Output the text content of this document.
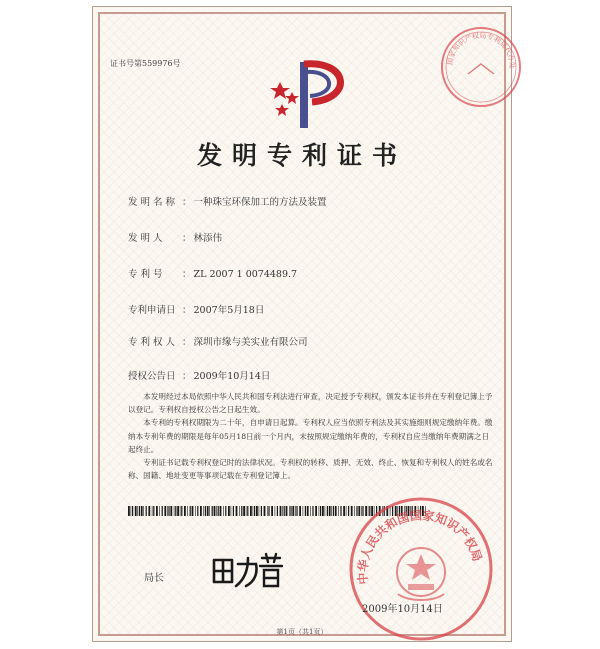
证书号第559976号	国家知识产权局专利局代办处
发明专利证书
发 明 名 称 ： 一种珠宝环保加工的方法及装置
发 明 人 ： 林添伟
专 利 号 ： ZL 2007 1 0074489.7
专利申请日 ： 2007年5月18日
专 利 权 人 ： 深圳市缘与美实业有限公司
授权公告日 ： 2009年10月14日

本发明经过本局依照中华人民共和国专利法进行审查，决定授予专利权，颁发本证书并在专利登记簿上予以登记。专利权自授权公告之日起生效。

本专利的专利权期限为二十年，自申请日起算。专利权人应当依照专利法及其实施细则规定缴纳年费。缴纳本专利年费的期限是每年05月18日前一个月内，未按照规定缴纳年费的，专利权自应当缴纳年费期满之日起终止。

专利证书记载专利权登记时的法律状况。专利权的转移、质押、无效、终止、恢复和专利权人的姓名或名称、国籍、地址变更等事项记载在专利登记簿上。

局长	中华人民共和国国家知识产权局
2009年10月14日
第1页（共1页）
